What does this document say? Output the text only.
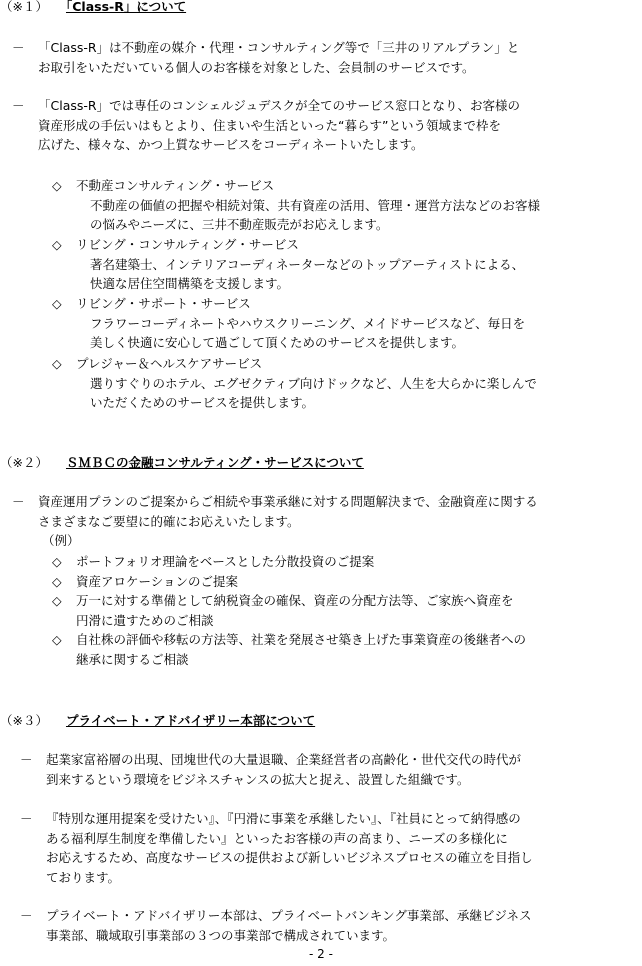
（※１） 「Class-R」について
－ 「Class-R」は不動産の媒介・代理・コンサルティング等で「三井のリアルプラン」と
お取引をいただいている個人のお客様を対象とした、会員制のサービスです。
－ 「Class-R」では専任のコンシェルジュデスクが全てのサービス窓口となり、お客様の
資産形成の手伝いはもとより、住まいや生活といった“暮らす”という領域まで枠を
広げた、様々な、かつ上質なサービスをコーディネートいたします。
◇ 不動産コンサルティング・サービス
不動産の価値の把握や相続対策、共有資産の活用、管理・運営方法などのお客様
の悩みやニーズに、三井不動産販売がお応えします。
◇ リビング・コンサルティング・サービス
著名建築士、インテリアコーディネーターなどのトップアーティストによる、
快適な居住空間構築を支援します。
◇ リビング・サポート・サービス
フラワーコーディネートやハウスクリーニング、メイドサービスなど、毎日を
美しく快適に安心して過ごして頂くためのサービスを提供します。
◇ プレジャー＆ヘルスケアサービス
選りすぐりのホテル、エグゼクティブ向けドックなど、人生を大らかに楽しんで
いただくためのサービスを提供します。
（※２） ＳＭＢＣの金融コンサルティング・サービスについて
－ 資産運用プランのご提案からご相続や事業承継に対する問題解決まで、金融資産に関する
さまざまなご要望に的確にお応えいたします。
（例）
◇ ポートフォリオ理論をベースとした分散投資のご提案
◇ 資産アロケーションのご提案
◇ 万一に対する準備として納税資金の確保、資産の分配方法等、ご家族へ資産を
円滑に遺すためのご相談
◇ 自社株の評価や移転の方法等、社業を発展させ築き上げた事業資産の後継者への
継承に関するご相談
（※３） プライベート・アドバイザリー本部について
－ 起業家富裕層の出現、団塊世代の大量退職、企業経営者の高齢化・世代交代の時代が
到来するという環境をビジネスチャンスの拡大と捉え、設置した組織です。
－ 『特別な運用提案を受けたい』、『円滑に事業を承継したい』、『社員にとって納得感の
ある福利厚生制度を準備したい』といったお客様の声の高まり、ニーズの多様化に
お応えするため、高度なサービスの提供および新しいビジネスプロセスの確立を目指し
ております。
－ プライベート・アドバイザリー本部は、プライベートバンキング事業部、承継ビジネス
事業部、職域取引事業部の３つの事業部で構成されています。
- 2 -
